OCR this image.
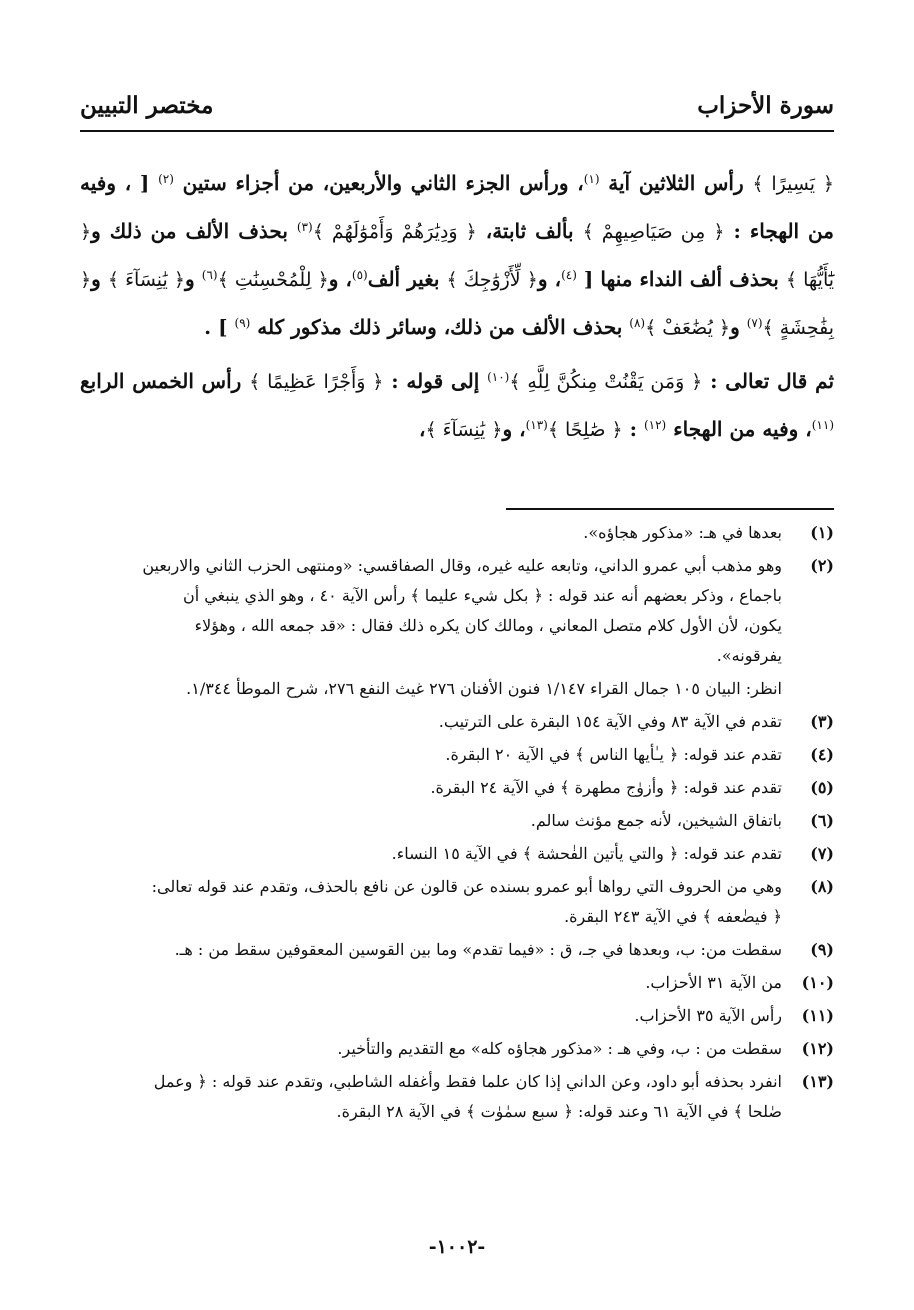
سورة الأحزاب
مختصر التبيين

﴿ يَسِيرًا ﴾ رأس الثلاثين آية $^{(١)}$، ورأس الجزء الثاني والأربعين، من أجزاء ستين $^{(٢)}$ [ ، وفيه من الهجاء : ﴿ مِن صَيَاصِيهِمْ ﴾ بألف ثابتة، ﴿ وَدِيَٰرَهُمْ وَأَمْوَٰلَهُمْ ﴾$^{(٣)}$ بحذف الألف من ذلك و﴿ يَٰٓأَيُّهَا ﴾ بحذف ألف النداء منها [ $^{(٤)}$، و﴿ لِّأَزْوَٰجِكَ ﴾ بغير ألف$^{(٥)}$، و﴿ لِلْمُحْسِنَٰتِ ﴾$^{(٦)}$ و﴿ يَٰنِسَآءَ ﴾ و﴿ بِفَٰحِشَةٍ ﴾$^{(٧)}$ و﴿ يُضَٰعَفْ ﴾$^{(٨)}$ بحذف الألف من ذلك، وسائر ذلك مذكور كله $^{(٩)}$ ] .

ثم قال تعالى : ﴿ وَمَن يَقْنُتْ مِنكُنَّ لِلَّهِ ﴾$^{(١٠)}$ إلى قوله : ﴿ وَأَجْرًا عَظِيمًا ﴾ رأس الخمس الرابع $^{(١١)}$، وفيه من الهجاء $^{(١٢)}$ : ﴿ صَٰلِحًا ﴾$^{(١٣)}$، و﴿ يَٰنِسَآءَ ﴾،

(١)
بعدها في هـ: «مذكور هجاؤه».
(٢)
وهو مذهب أبي عمرو الداني، وتابعه عليه غيره، وقال الصفاقسي: «ومنتهى الحزب الثاني والاربعين
باجماع ، وذكر بعضهم أنه عند قوله : ﴿ بكل شيء عليما ﴾ رأس الآية ٤٠ ، وهو الذي ينبغي أن
يكون، لأن الأول كلام متصل المعاني ، ومالك كان يكره ذلك فقال : «قد جمعه الله ، وهؤلاء
يفرقونه».
انظر: البيان ١٠٥ جمال القراء ١/١٤٧ فنون الأفنان ٢٧٦ غيث النفع ٢٧٦، شرح الموطأ ١/٣٤٤.
(٣)
تقدم في الآية ٨٣ وفي الآية ١٥٤ البقرة على الترتيب.
(٤)
تقدم عند قوله: ﴿ يـٰأيها الناس ﴾ في الآية ٢٠ البقرة.
(٥)
تقدم عند قوله: ﴿ وأزوٰج مطهرة ﴾ في الآية ٢٤ البقرة.
(٦)
باتفاق الشيخين، لأنه جمع مؤنث سالم.
(٧)
تقدم عند قوله: ﴿ والتي يأتين الفٰحشة ﴾ في الآية ١٥ النساء.
(٨)
وهي من الحروف التي رواها أبو عمرو بسنده عن قالون عن نافع بالحذف، وتقدم عند قوله تعالى:
﴿ فيضٰعفه ﴾ في الآية ٢٤٣ البقرة.
(٩)
سقطت من: ب، وبعدها في جـ، ق : «فيما تقدم» وما بين القوسين المعقوفين سقط من : هـ.
(١٠)
من الآية ٣١ الأحزاب.
(١١)
رأس الآية ٣٥ الأحزاب.
(١٢)
سقطت من : ب، وفي هـ : «مذكور هجاؤه كله» مع التقديم والتأخير.
(١٣)
انفرد بحذفه أبو داود، وعن الداني إذا كان علما فقط وأغفله الشاطبي، وتقدم عند قوله : ﴿ وعمل
صٰلحا ﴾ في الآية ٦١ وعند قوله: ﴿ سبع سمٰوٰت ﴾ في الآية ٢٨ البقرة.
-١٠٠٢-
